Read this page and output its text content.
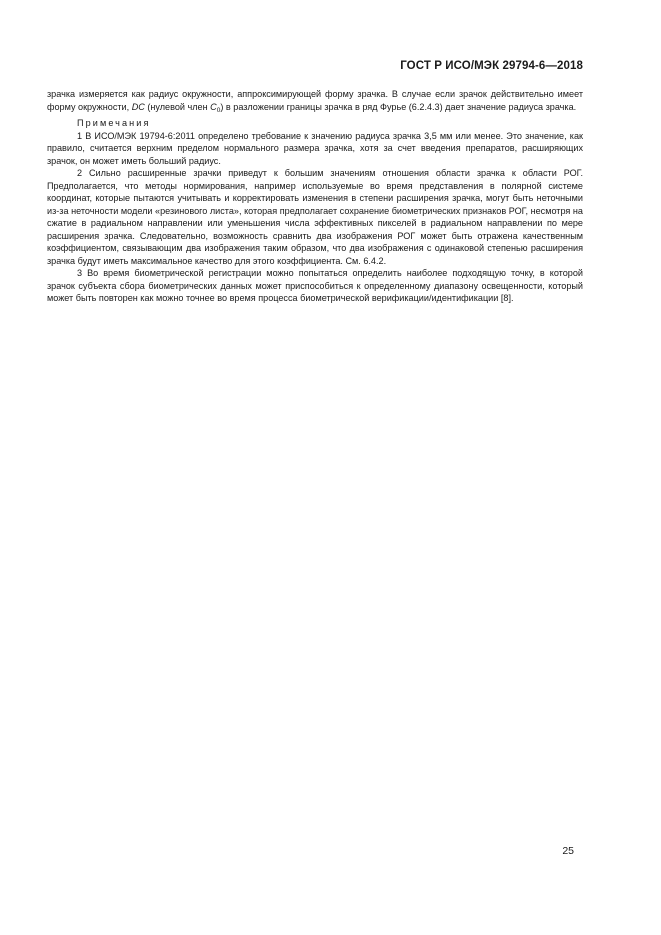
ГОСТ Р ИСО/МЭК 29794-6—2018

зрачка измеряется как радиус окружности, аппроксимирующей форму зрачка. В случае если зрачок действительно имеет форму окружности, DC (нулевой член $C_0$) в разложении границы зрачка в ряд Фурье (6.2.4.3) дает значение радиуса зрачка.

Примечания

1 В ИСО/МЭК 19794-6:2011 определено требование к значению радиуса зрачка 3,5 мм или менее. Это значение, как правило, считается верхним пределом нормального размера зрачка, хотя за счет введения препаратов, расширяющих зрачок, он может иметь больший радиус.

2 Сильно расширенные зрачки приведут к большим значениям отношения области зрачка к области РОГ. Предполагается, что методы нормирования, например используемые во время представления в полярной системе координат, которые пытаются учитывать и корректировать изменения в степени расширения зрачка, могут быть неточными из-за неточности модели «резинового листа», которая предполагает сохранение биометрических признаков РОГ, несмотря на сжатие в радиальном направлении или уменьшения числа эффективных пикселей в радиальном направлении по мере расширения зрачка. Следовательно, возможность сравнить два изображения РОГ может быть отражена качественным коэффициентом, связывающим два изображения таким образом, что два изображения с одинаковой степенью расширения зрачка будут иметь максимальное качество для этого коэффициента. См. 6.4.2.

3 Во время биометрической регистрации можно попытаться определить наиболее подходящую точку, в которой зрачок субъекта сбора биометрических данных может приспособиться к определенному диапазону освещенности, который может быть повторен как можно точнее во время процесса биометрической верификации/идентификации [8].

25
